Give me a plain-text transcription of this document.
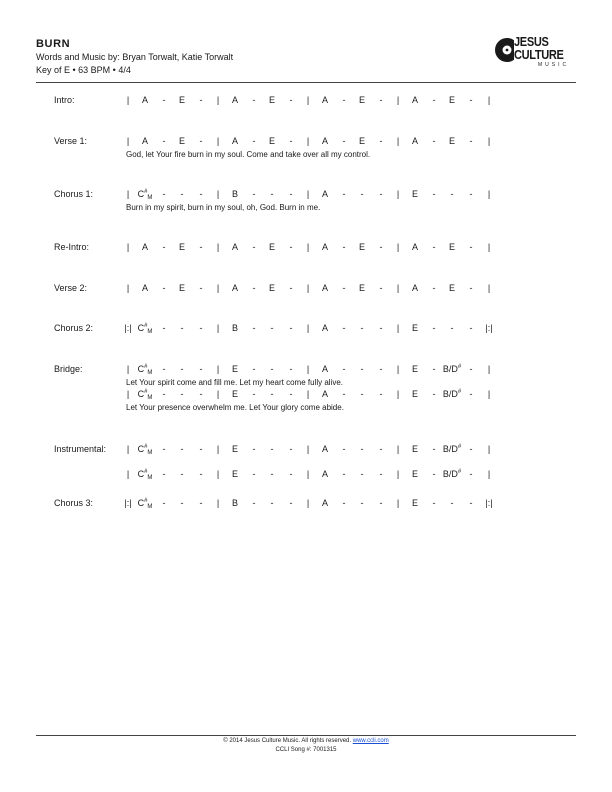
BURN
Words and Music by: Bryan Torwalt, Katie Torwalt
Key of E • 63 BPM • 4/4
JESUS
CULTURE
MUSIC
Intro:	| A - E - | A - E - | A - E - | A - E - |
Verse 1:	| A - E - | A - E - | A - E - | A - E - |
God, let Your fire burn in my soul. Come and take over all my control.
Chorus 1:	| $C^{\#}_M$ - - - | B - - - | A - - - | E - - - |
Burn in my spirit, burn in my soul, oh, God. Burn in me.
Re-Intro:	| A - E - | A - E - | A - E - | A - E - |
Verse 2:	| A - E - | A - E - | A - E - | A - E - |
Chorus 2:	|:| $C^{\#}_M$ - - - | B - - - | A - - - | E - - - |:|
Bridge:	| $C^{\#}_M$ - - - | E - - - | A - - - | E - B/D# - |
Let Your spirit come and fill me. Let my heart come fully alive.
| $C^{\#}_M$ - - - | E - - - | A - - - | E - B/D# - |
Let Your presence overwhelm me. Let Your glory come abide.
Instrumental: | $C^{\#}_M$ - - - | E - - - | A - - - | E - B/D# - |
| $C^{\#}_M$ - - - | E - - - | A - - - | E - B/D# - |
Chorus 3:	|:| $C^{\#}_M$ - - - | B - - - | A - - - | E - - - |:|
© 2014 Jesus Culture Music. All rights reserved. www.ccli.com
CCLI Song #: 7001315
